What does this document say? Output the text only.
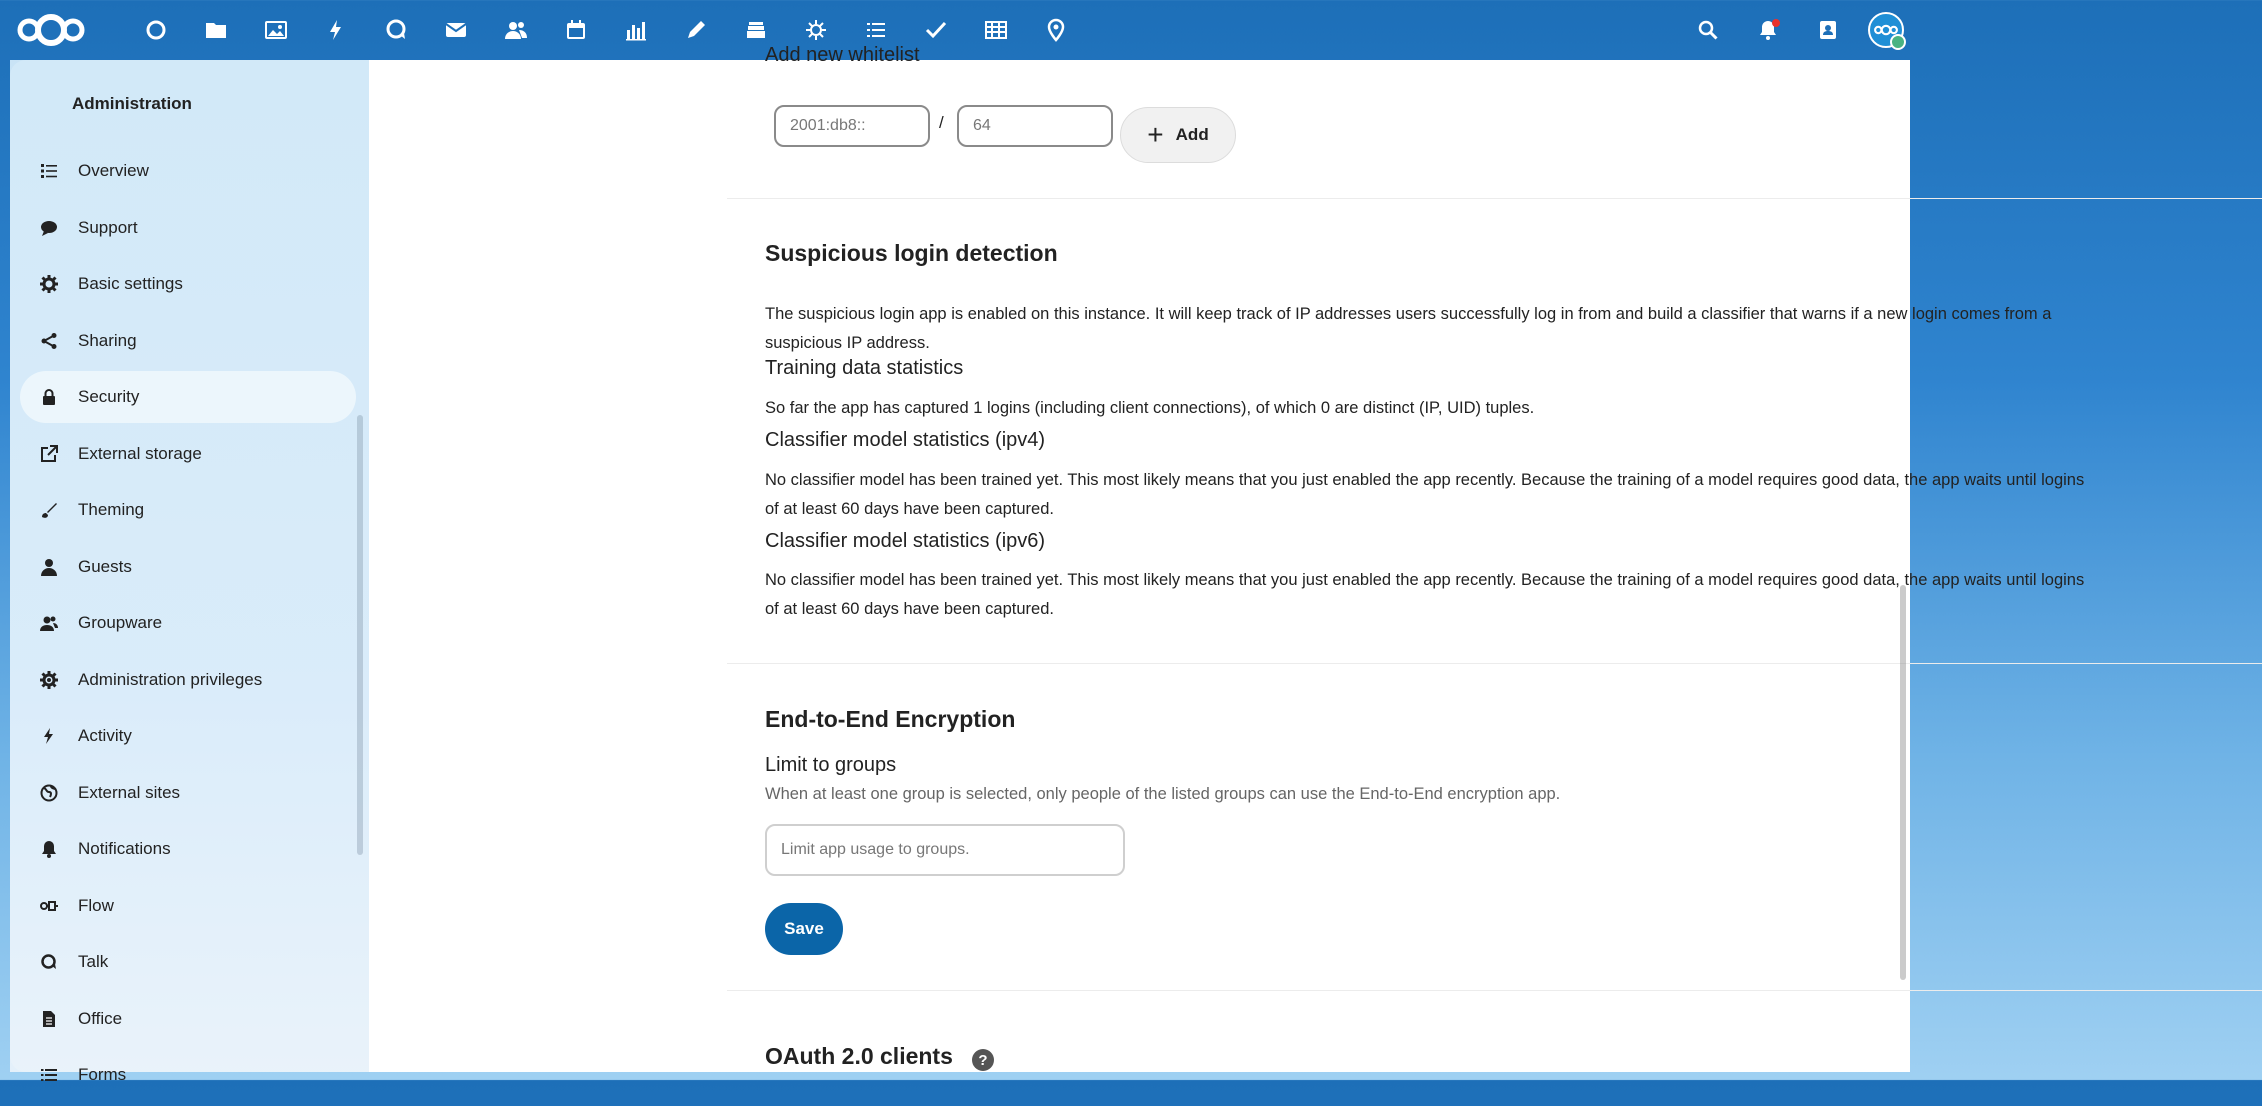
Administration
Overview
Support
Basic settings
Sharing
Security
External storage
Theming
Guests
Groupware
Administration privileges
Activity
External sites
Notifications
Flow
Talk
Office
Forms
Add new whitelist
2001:db8::	/ 64	+ Add
Suspicious login detection
The suspicious login app is enabled on this instance. It will keep track of IP addresses users successfully log in from and build a classifier that warns if a new login comes from a
suspicious IP address.
Training data statistics
So far the app has captured 1 logins (including client connections), of which 0 are distinct (IP, UID) tuples.
Classifier model statistics (ipv4)
No classifier model has been trained yet. This most likely means that you just enabled the app recently. Because the training of a model requires good data, the app waits until logins
of at least 60 days have been captured.
Classifier model statistics (ipv6)
No classifier model has been trained yet. This most likely means that you just enabled the app recently. Because the training of a model requires good data, the app waits until logins
of at least 60 days have been captured.
End-to-End Encryption
Limit to groups
When at least one group is selected, only people of the listed groups can use the End-to-End encryption app.
Limit app usage to groups.
Save
OAuth 2.0 clients	?
